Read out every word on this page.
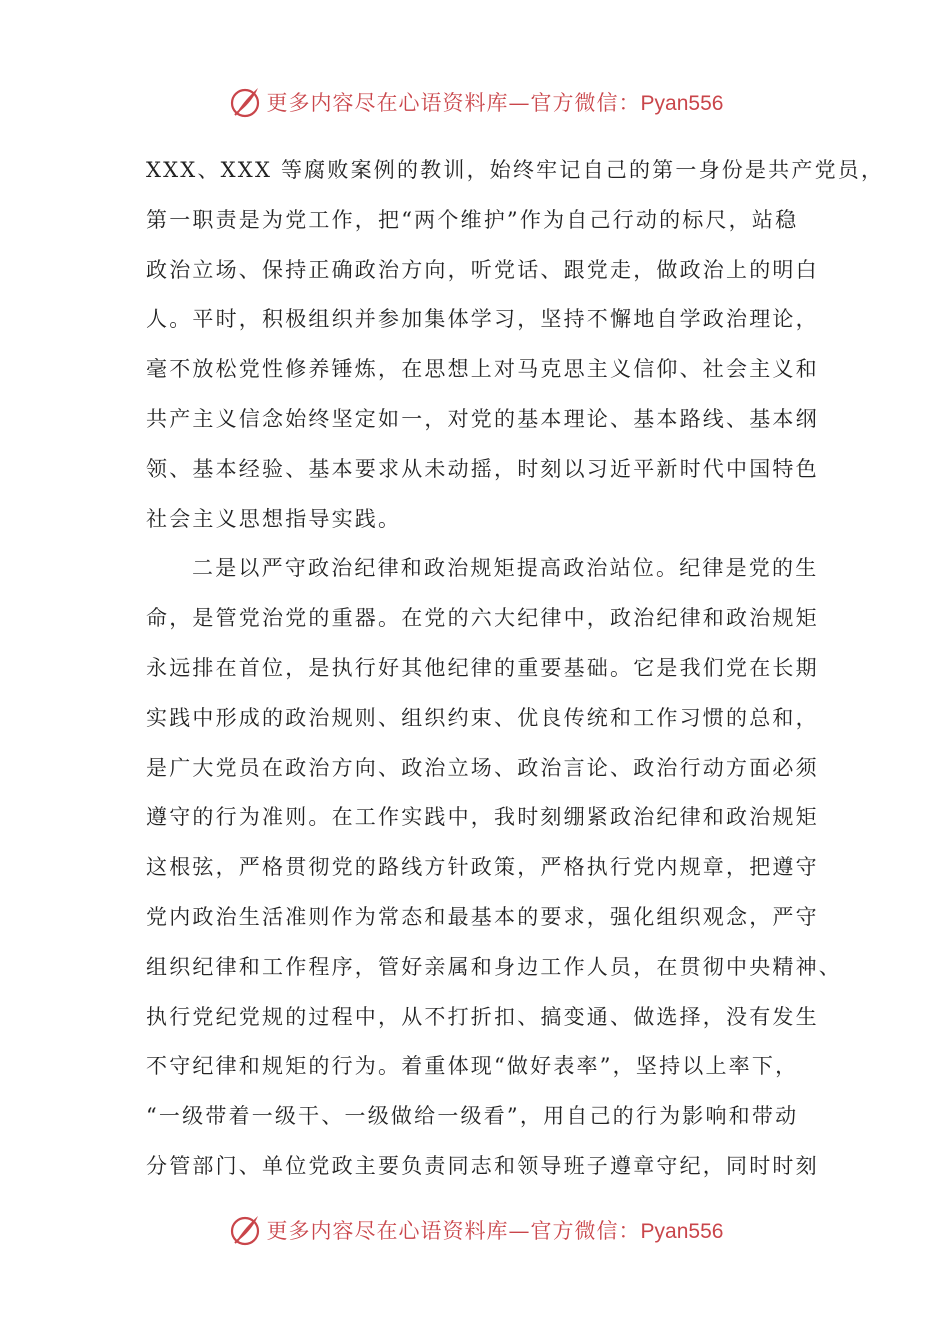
更多内容尽在心语资料库—官方微信：Pyan556
XXX、XXX 等腐败案例的教训，始终牢记自己的第一身份是共产党员，
第一职责是为党工作，把“两个维护”作为自己行动的标尺，站稳
政治立场、保持正确政治方向，听党话、跟党走，做政治上的明白
人。平时，积极组织并参加集体学习，坚持不懈地自学政治理论，
毫不放松党性修养锤炼，在思想上对马克思主义信仰、社会主义和
共产主义信念始终坚定如一，对党的基本理论、基本路线、基本纲
领、基本经验、基本要求从未动摇，时刻以习近平新时代中国特色
社会主义思想指导实践。
二是以严守政治纪律和政治规矩提高政治站位。纪律是党的生
命，是管党治党的重器。在党的六大纪律中，政治纪律和政治规矩
永远排在首位，是执行好其他纪律的重要基础。它是我们党在长期
实践中形成的政治规则、组织约束、优良传统和工作习惯的总和，
是广大党员在政治方向、政治立场、政治言论、政治行动方面必须
遵守的行为准则。在工作实践中，我时刻绷紧政治纪律和政治规矩
这根弦，严格贯彻党的路线方针政策，严格执行党内规章，把遵守
党内政治生活准则作为常态和最基本的要求，强化组织观念，严守
组织纪律和工作程序，管好亲属和身边工作人员，在贯彻中央精神、
执行党纪党规的过程中，从不打折扣、搞变通、做选择，没有发生
不守纪律和规矩的行为。着重体现“做好表率”，坚持以上率下，
“一级带着一级干、一级做给一级看”，用自己的行为影响和带动
分管部门、单位党政主要负责同志和领导班子遵章守纪，同时时刻
更多内容尽在心语资料库—官方微信：Pyan556
